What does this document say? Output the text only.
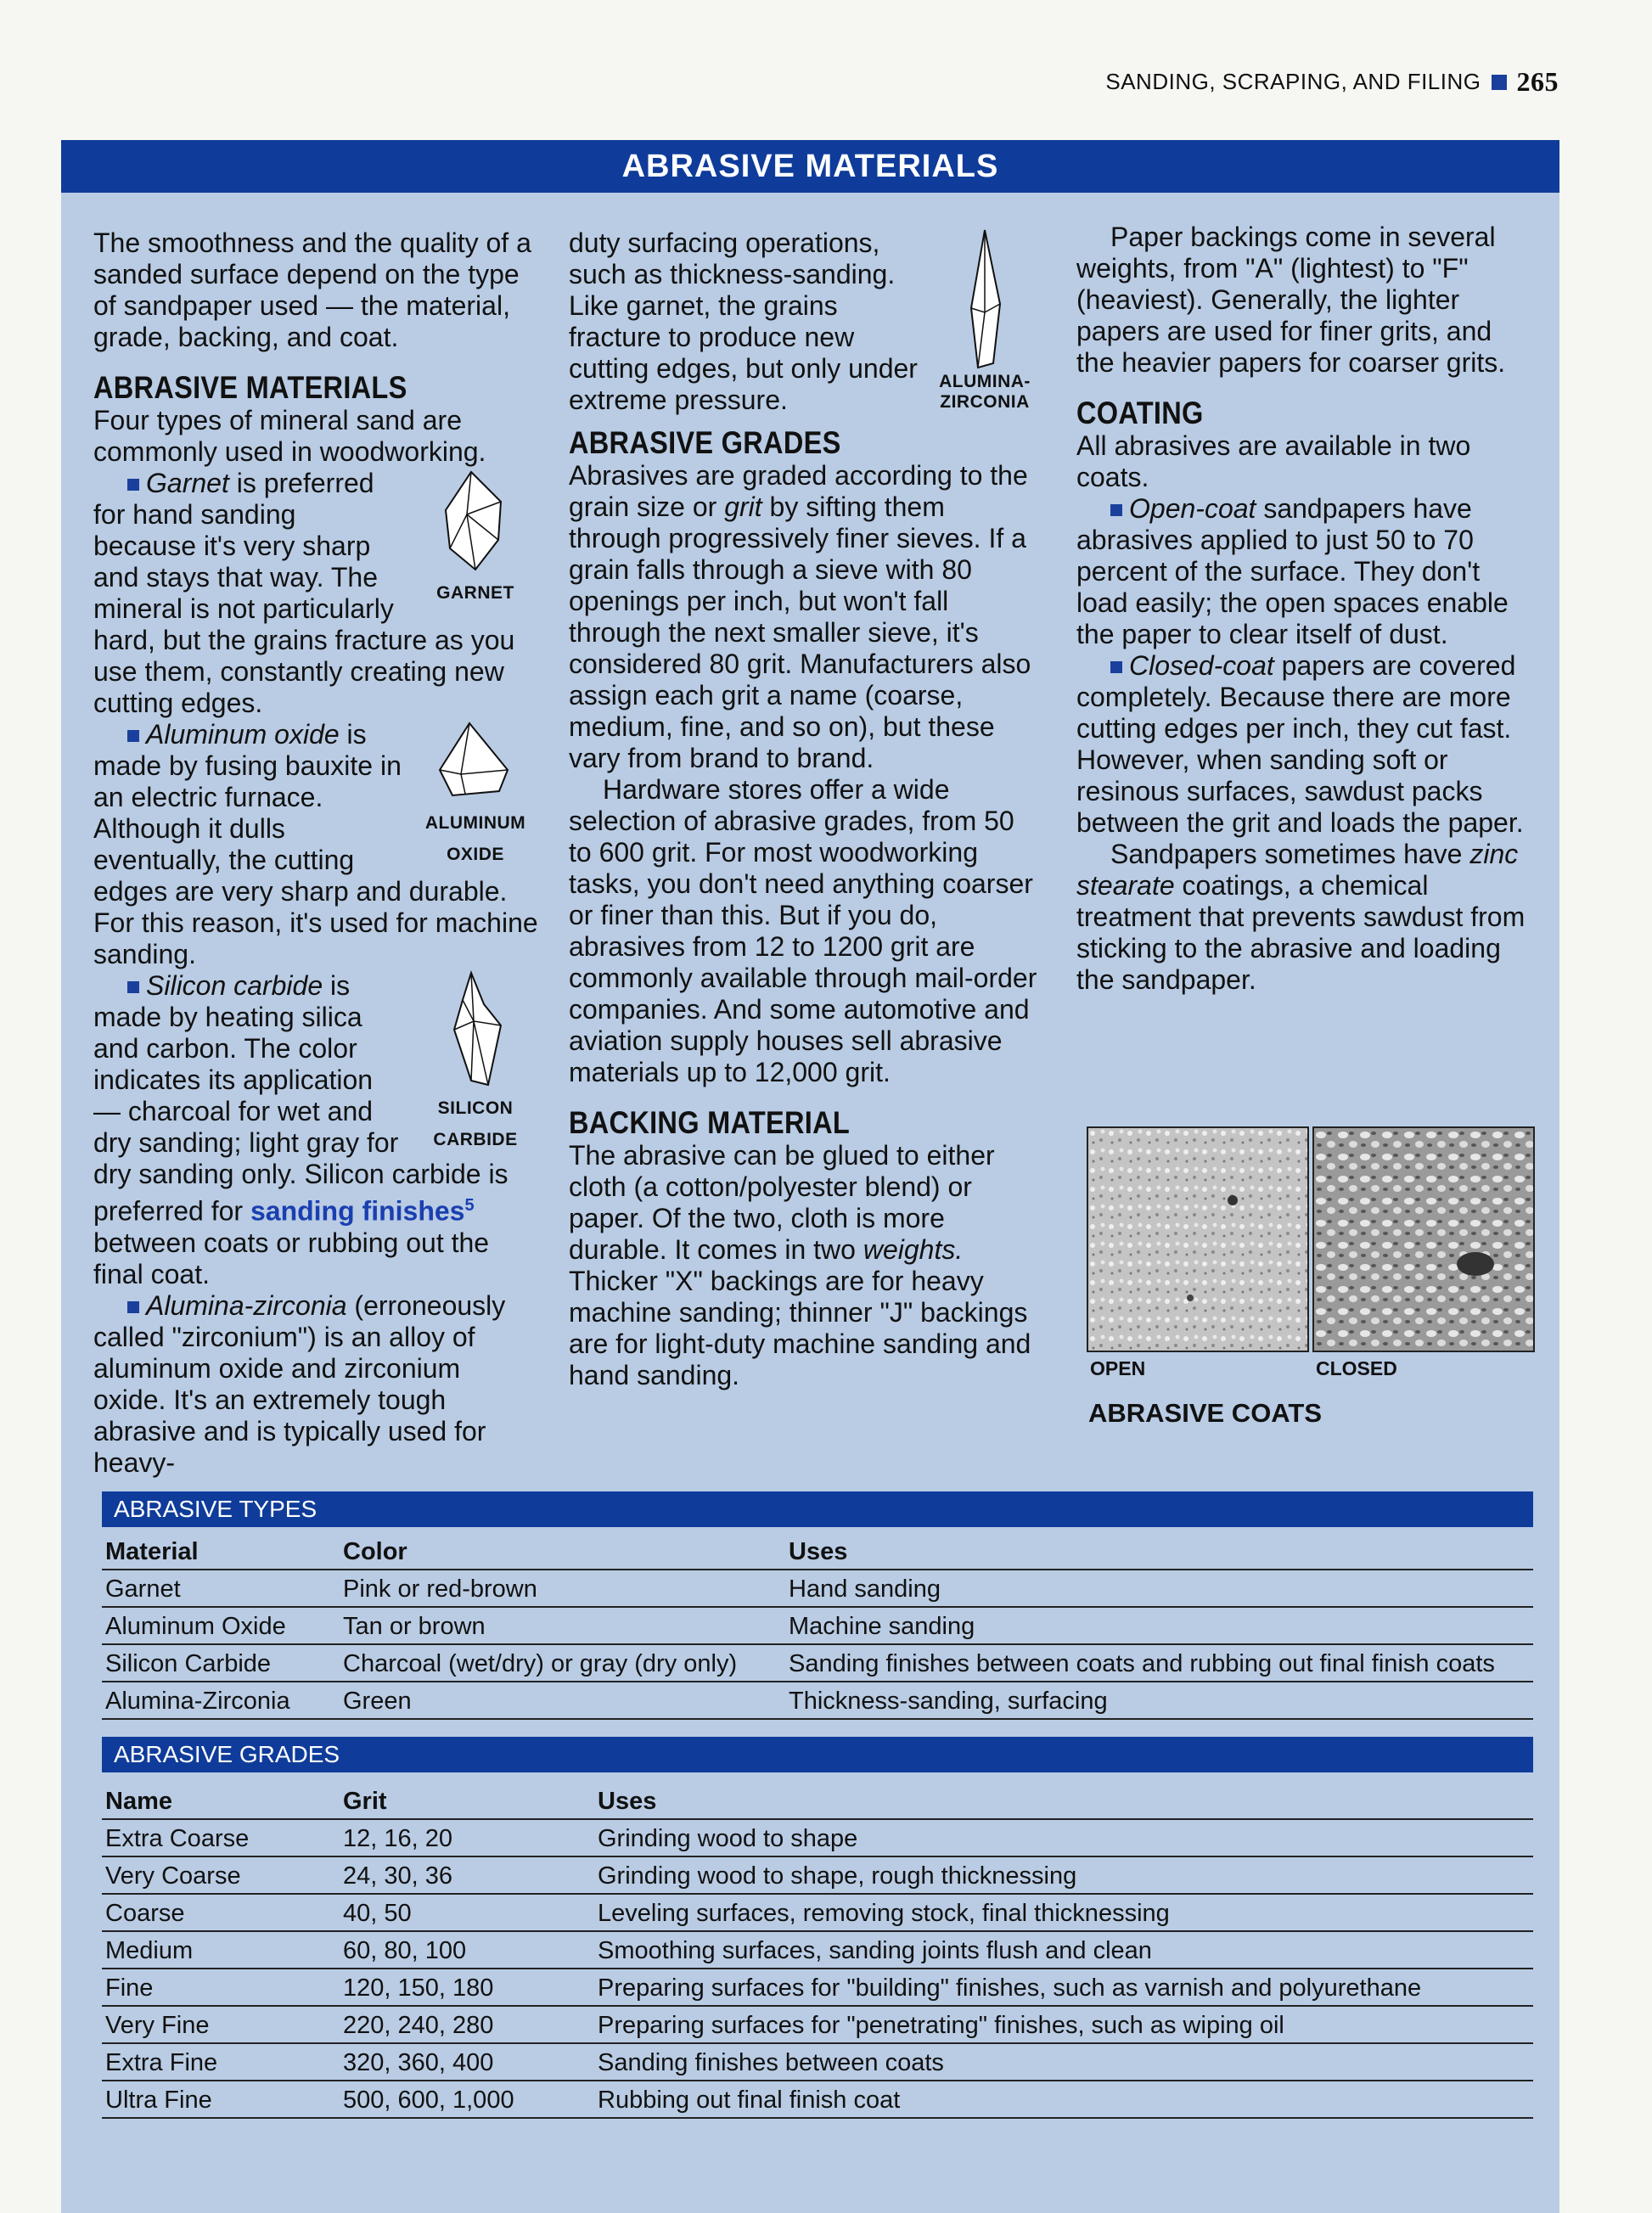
SANDING, SCRAPING, AND FILING 265
ABRASIVE MATERIALS

The smoothness and the quality of a sanded surface depend on the type of sandpaper used — the material, grade, backing, and coat.

ABRASIVE MATERIALS

Four types of mineral sand are commonly used in woodworking.

GARNET
Garnet is preferred for hand sanding because it's very sharp and stays that way. The mineral is not particularly hard, but the grains fracture as you use them, constantly creating new cutting edges.

ALUMINUM OXIDE
Aluminum oxide is made by fusing bauxite in an electric furnace. Although it dulls eventually, the cutting edges are very sharp and durable. For this reason, it's used for machine sanding.

SILICON CARBIDE
Silicon carbide is made by heating silica and carbon. The color indicates its application — charcoal for wet and dry sanding; light gray for dry sanding only. Silicon carbide is preferred for sanding finishes$^5$ between coats or rubbing out the final coat.

Alumina-zirconia (erroneously called "zirconium") is an alloy of aluminum oxide and zirconium oxide. It's an extremely tough abrasive and is typically used for heavy-

ALUMINA-ZIRCONIA
duty surfacing operations, such as thickness-sanding. Like garnet, the grains fracture to produce new cutting edges, but only under extreme pressure.

ABRASIVE GRADES

Abrasives are graded according to the grain size or grit by sifting them through progressively finer sieves. If a grain falls through a sieve with 80 openings per inch, but won't fall through the next smaller sieve, it's considered 80 grit. Manufacturers also assign each grit a name (coarse, medium, fine, and so on), but these vary from brand to brand.

Hardware stores offer a wide selection of abrasive grades, from 50 to 600 grit. For most woodworking tasks, you don't need anything coarser or finer than this. But if you do, abrasives from 12 to 1200 grit are commonly available through mail-order companies. And some automotive and aviation supply houses sell abrasive materials up to 12,000 grit.

BACKING MATERIAL

The abrasive can be glued to either cloth (a cotton/polyester blend) or paper. Of the two, cloth is more durable. It comes in two weights. Thicker "X" backings are for heavy machine sanding; thinner "J" backings are for light-duty machine sanding and hand sanding.

Paper backings come in several weights, from "A" (lightest) to "F" (heaviest). Generally, the lighter papers are used for finer grits, and the heavier papers for coarser grits.

COATING

All abrasives are available in two coats.

Open-coat sandpapers have abrasives applied to just 50 to 70 percent of the surface. They don't load easily; the open spaces enable the paper to clear itself of dust.

Closed-coat papers are covered completely. Because there are more cutting edges per inch, they cut fast. However, when sanding soft or resinous surfaces, sawdust packs between the grit and loads the paper.

Sandpapers sometimes have zinc stearate coatings, a chemical treatment that prevents sawdust from sticking to the abrasive and loading the sandpaper.

OPEN	CLOSED
ABRASIVE COATS
ABRASIVE TYPES
Material	Color	Uses
Garnet	Pink or red-brown	Hand sanding
Aluminum Oxide	Tan or brown	Machine sanding
Silicon Carbide	Charcoal (wet/dry) or gray (dry only)	Sanding finishes between coats and rubbing out final finish coats
Alumina-Zirconia	Green	Thickness-sanding, surfacing
ABRASIVE GRADES
Name	Grit	Uses
Extra Coarse	12, 16, 20	Grinding wood to shape
Very Coarse	24, 30, 36	Grinding wood to shape, rough thicknessing
Coarse	40, 50	Leveling surfaces, removing stock, final thicknessing
Medium	60, 80, 100	Smoothing surfaces, sanding joints flush and clean
Fine	120, 150, 180	Preparing surfaces for "building" finishes, such as varnish and polyurethane
Very Fine	220, 240, 280	Preparing surfaces for "penetrating" finishes, such as wiping oil
Extra Fine	320, 360, 400	Sanding finishes between coats
Ultra Fine	500, 600, 1,000	Rubbing out final finish coat
